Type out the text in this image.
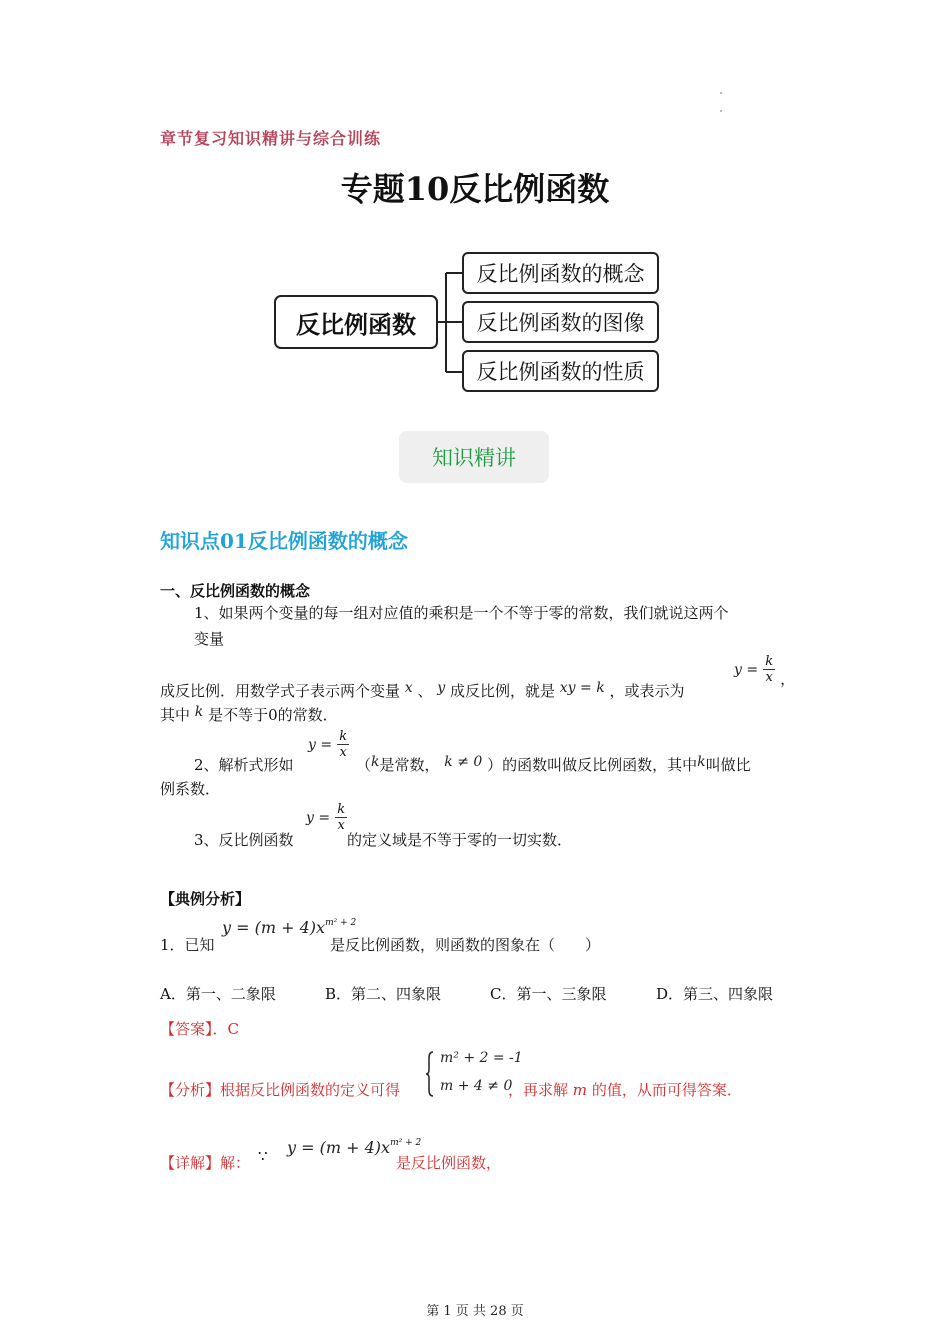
章节复习知识精讲与综合训练
专题10反比例函数
反比例函数
反比例函数的概念
反比例函数的图像
反比例函数的性质
知识精讲
知识点01反比例函数的概念
一、反比例函数的概念
1、如果两个变量的每一组对应值的乘积是一个不等于零的常数，我们就说这两个
变量
成反比例．用数学式子表示两个变量 x 、 y 成反比例，就是 xy = k ，或表示为
$y = \frac{k}{x}$ ，
其中 k 是不等于0的常数．
2、解析式形如
$y = \frac{k}{x}$
（k是常数， k ≠ 0 ）的函数叫做反比例函数，其中k叫做比
例系数．
3、反比例函数
$y = \frac{k}{x}$
的定义域是不等于零的一切实数．
【典例分析】
1．已知
$y = (m + 4)x^{m^2 + 2}$
是反比例函数，则函数的图象在（　　）
A．第一、二象限	B．第二、四象限	C．第一、三象限	D．第三、四象限
【答案】．C
【分析】根据反比例函数的定义可得
m² + 2 = -1
m + 4 ≠ 0
，再求解 m 的值，从而可得答案．
【详解】解： ∵ $y = (m + 4)x^{m^2 + 2}$
是反比例函数，
第 1 页 共 28 页
